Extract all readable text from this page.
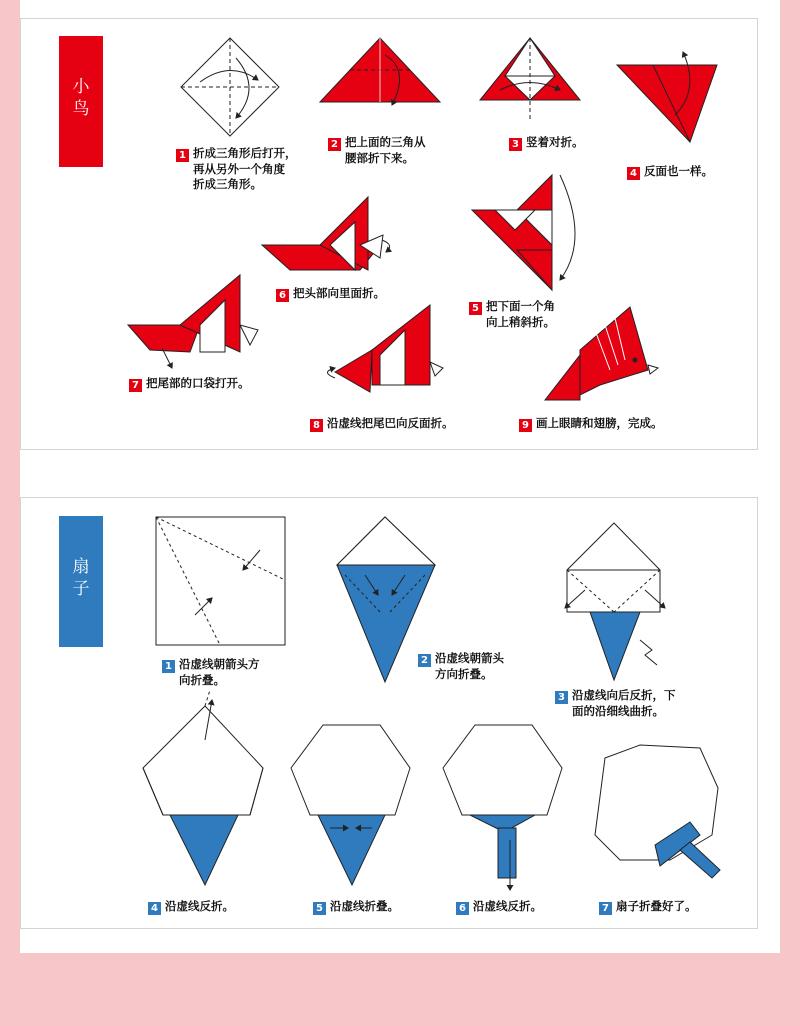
小
鸟
扇
子
1 折成三角形后打开，
再从另外一个角度
折成三角形。
2 把上面的三角从
腰部折下来。
3 竖着对折。
4 反面也一样。
5 把下面一个角
向上稍斜折。
6 把头部向里面折。
7 把尾部的口袋打开。
8 沿虚线把尾巴向反面折。	9 画上眼睛和翅膀，完成。
1 沿虚线朝箭头方
向折叠。
2 沿虚线朝箭头
方向折叠。
3 沿虚线向后反折，下
面的沿细线曲折。
4 沿虚线反折。	5 沿虚线折叠。	6 沿虚线反折。	7 扇子折叠好了。
